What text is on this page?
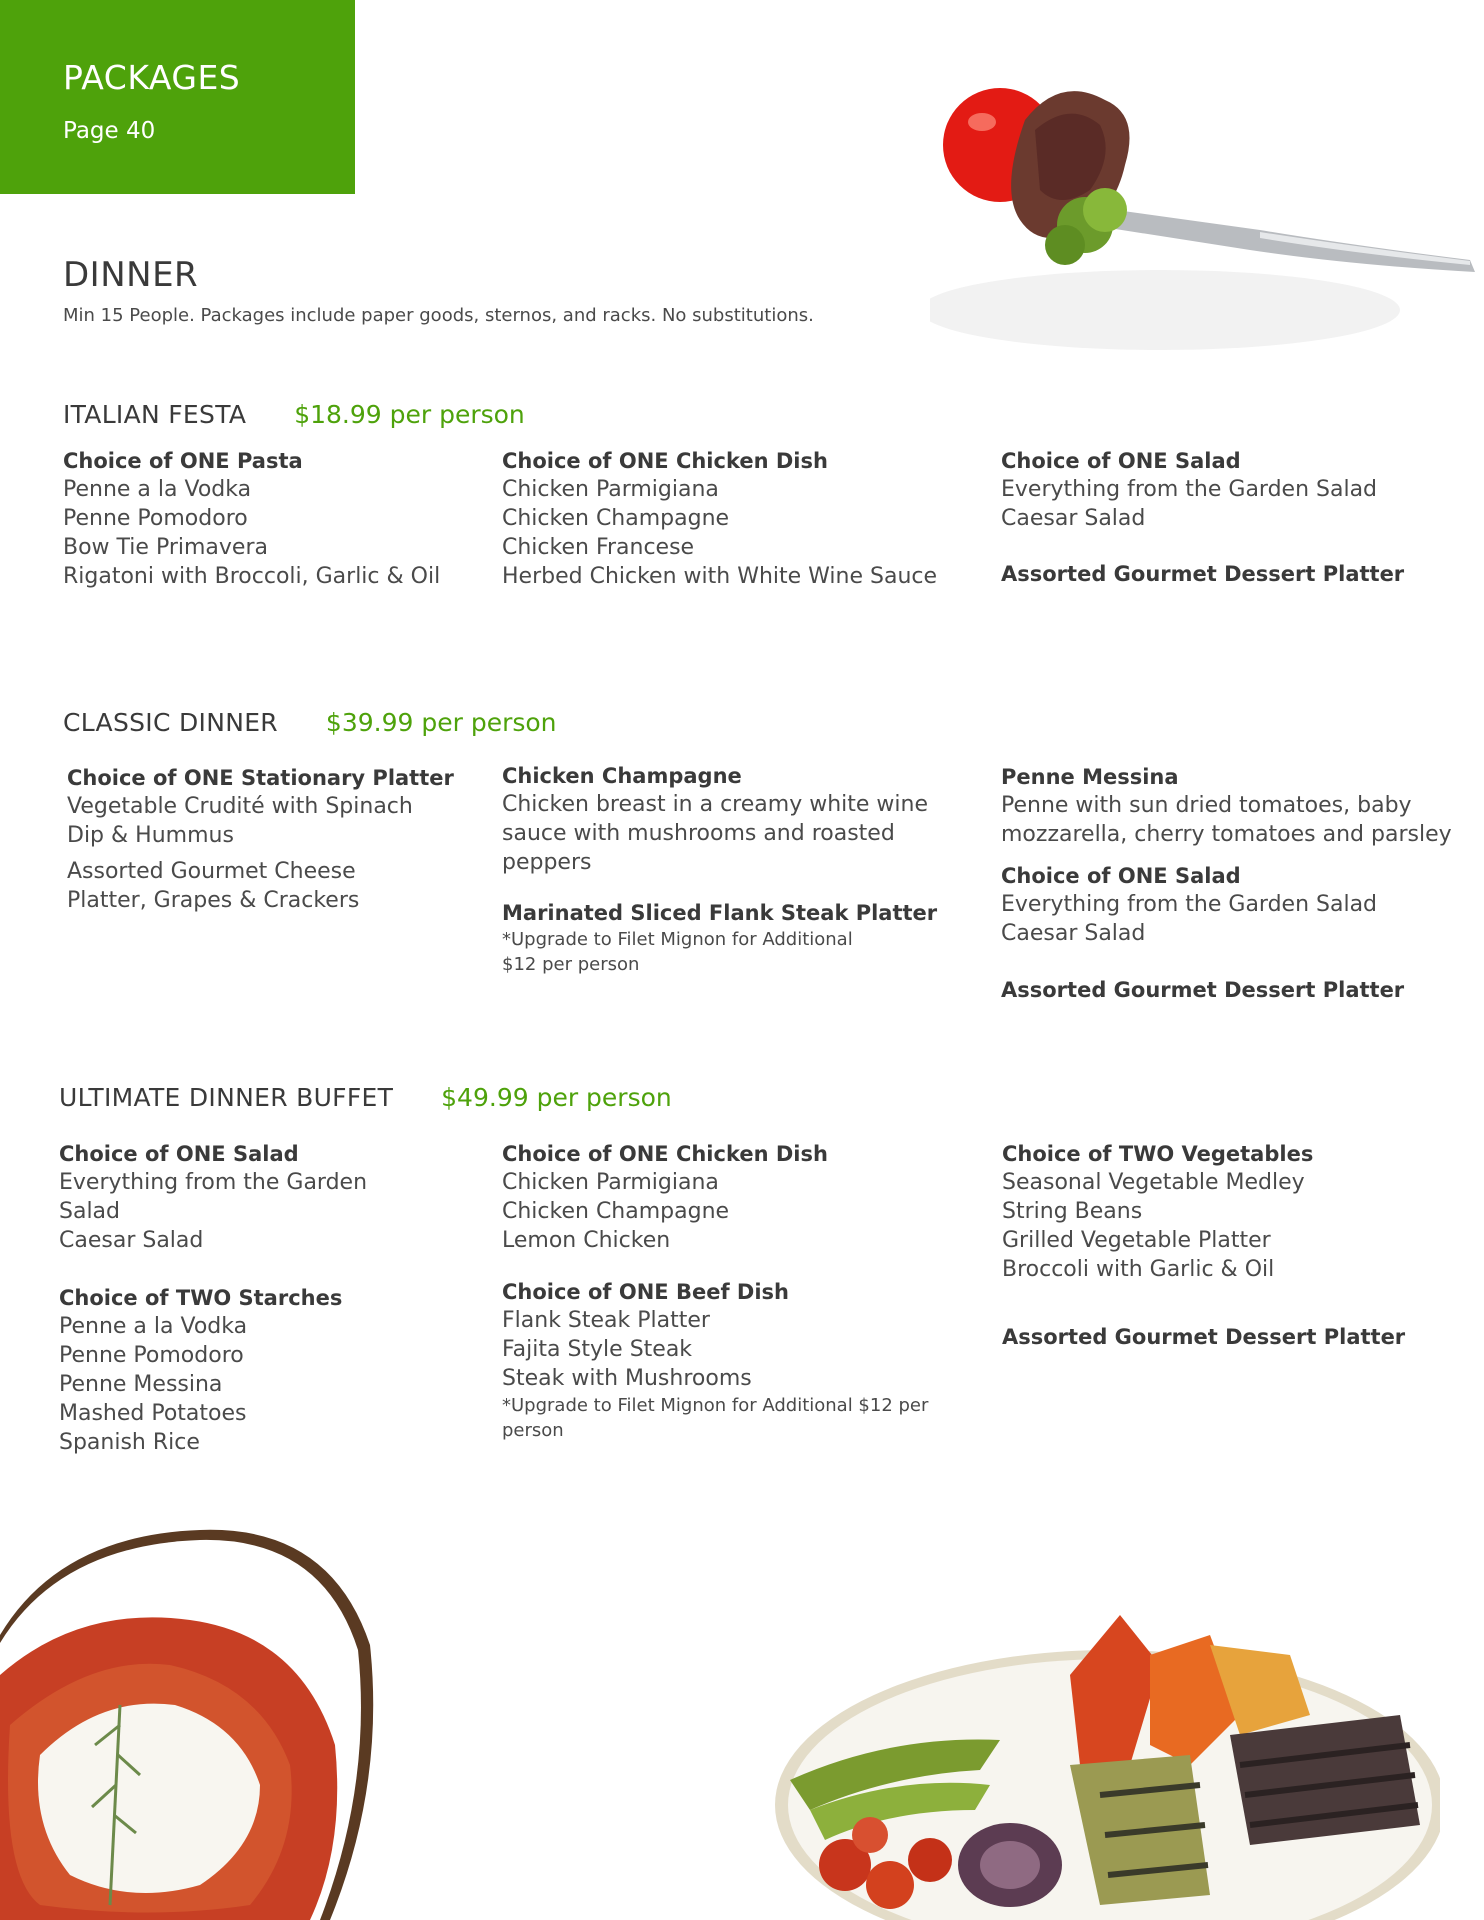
PACKAGES
Page 40
DINNER
Min 15 People. Packages include paper goods, sternos, and racks. No substitutions.
ITALIAN FESTA $18.99 per person
Choice of ONE Pasta
Penne a la Vodka
Penne Pomodoro
Bow Tie Primavera
Rigatoni with Broccoli, Garlic & Oil
Choice of ONE Chicken Dish
Chicken Parmigiana
Chicken Champagne
Chicken Francese
Herbed Chicken with White Wine Sauce
Choice of ONE Salad
Everything from the Garden Salad
Caesar Salad
Assorted Gourmet Dessert Platter
CLASSIC DINNER $39.99 per person
Choice of ONE Stationary Platter
Vegetable Crudité with Spinach
Dip & Hummus
Assorted Gourmet Cheese
Platter, Grapes & Crackers
Chicken Champagne
Chicken breast in a creamy white wine
sauce with mushrooms and roasted
peppers
Marinated Sliced Flank Steak Platter
*Upgrade to Filet Mignon for Additional
$12 per person
Penne Messina
Penne with sun dried tomatoes, baby
mozzarella, cherry tomatoes and parsley
Choice of ONE Salad
Everything from the Garden Salad
Caesar Salad
Assorted Gourmet Dessert Platter
ULTIMATE DINNER BUFFET $49.99 per person
Choice of ONE Salad
Everything from the Garden
Salad
Caesar Salad
Choice of TWO Starches
Penne a la Vodka
Penne Pomodoro
Penne Messina
Mashed Potatoes
Spanish Rice
Choice of ONE Chicken Dish
Chicken Parmigiana
Chicken Champagne
Lemon Chicken
Choice of ONE Beef Dish
Flank Steak Platter
Fajita Style Steak
Steak with Mushrooms
*Upgrade to Filet Mignon for Additional $12 per
person
Choice of TWO Vegetables
Seasonal Vegetable Medley
String Beans
Grilled Vegetable Platter
Broccoli with Garlic & Oil
Assorted Gourmet Dessert Platter
